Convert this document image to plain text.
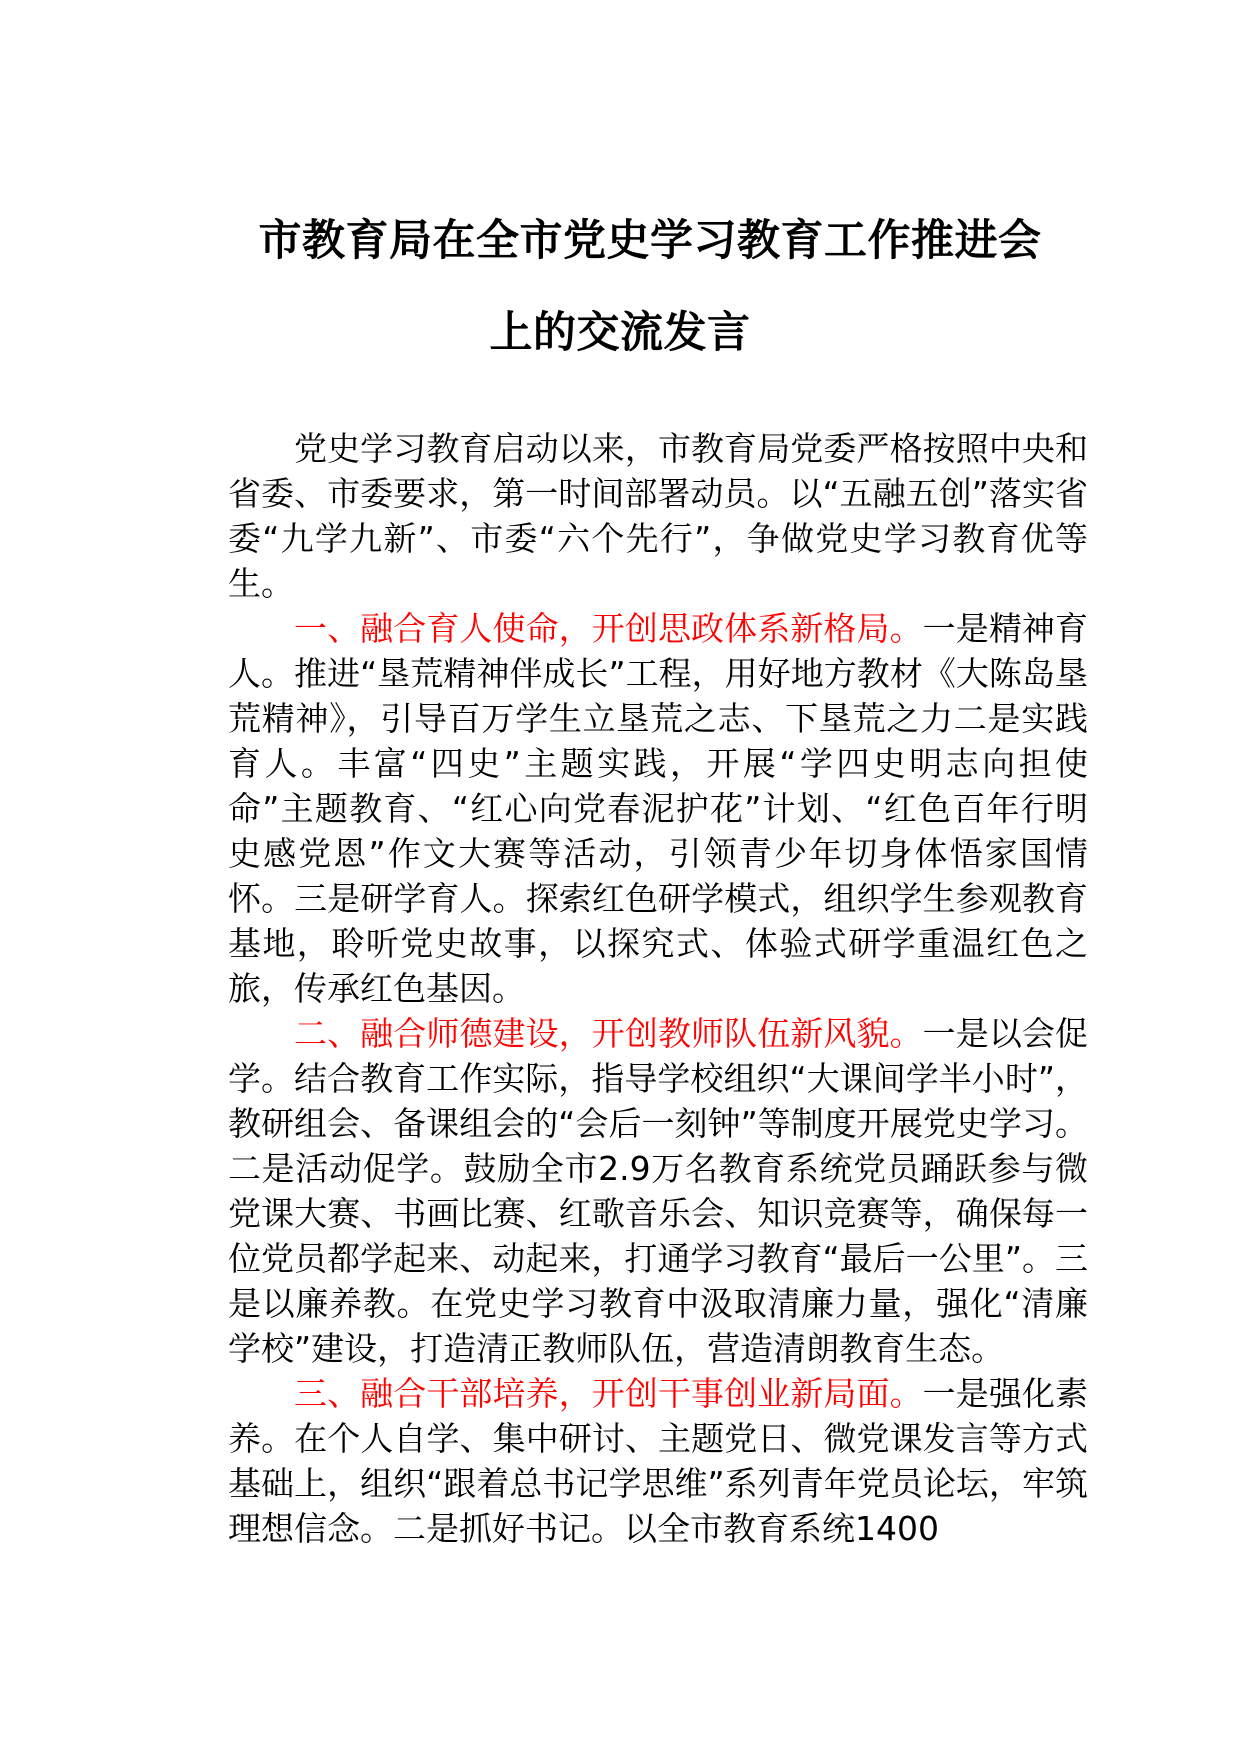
市教育局在全市党史学习教育工作推进会
上的交流发言

党史学习教育启动以来，市教育局党委严格按照中央和省委、市委要求，第一时间部署动员。以“五融五创”落实省委“九学九新”、市委“六个先行”，争做党史学习教育优等生。

一、融合育人使命，开创思政体系新格局。一是精神育人。推进“垦荒精神伴成长”工程，用好地方教材《大陈岛垦荒精神》，引导百万学生立垦荒之志、下垦荒之力二是实践育人。丰富“四史”主题实践，开展“学四史明志向担使命”主题教育、“红心向党春泥护花”计划、“红色百年行明史感党恩”作文大赛等活动，引领青少年切身体悟家国情怀。三是研学育人。探索红色研学模式，组织学生参观教育基地，聆听党史故事，以探究式、体验式研学重温红色之旅，传承红色基因。

二、融合师德建设，开创教师队伍新风貌。一是以会促学。结合教育工作实际，指导学校组织“大课间学半小时”，教研组会、备课组会的“会后一刻钟”等制度开展党史学习。二是活动促学。鼓励全市2.9万名教育系统党员踊跃参与微党课大赛、书画比赛、红歌音乐会、知识竞赛等，确保每一位党员都学起来、动起来，打通学习教育“最后一公里”。三是以廉养教。在党史学习教育中汲取清廉力量，强化“清廉学校”建设，打造清正教师队伍，营造清朗教育生态。

三、融合干部培养，开创干事创业新局面。一是强化素养。在个人自学、集中研讨、主题党日、微党课发言等方式基础上，组织“跟着总书记学思维”系列青年党员论坛，牢筑理想信念。二是抓好书记。以全市教育系统1400
